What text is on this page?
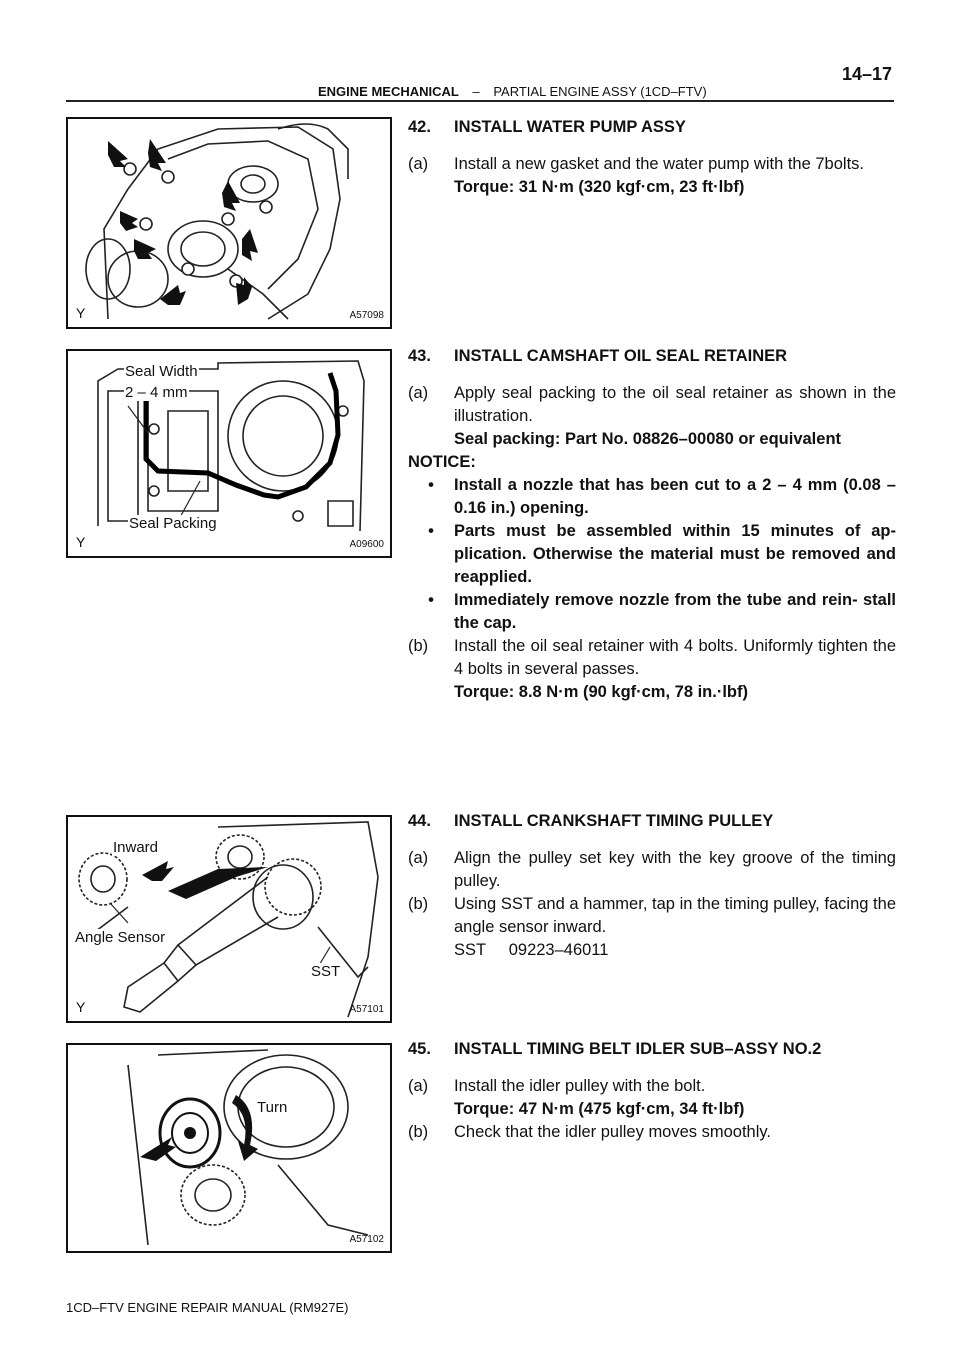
14–17
ENGINE MECHANICAL – PARTIAL ENGINE ASSY (1CD–FTV)
Y	A57098
Seal Width
2 – 4 mm
Seal Packing
Y	A09600
Inward
Angle Sensor
SST
Y	A57101
Turn
A57102
42.	INSTALL WATER PUMP ASSY
(a)	Install a new gasket and the water pump with the 7bolts.
Torque: 31 N·m (320 kgf·cm, 23 ft·lbf)
43.	INSTALL CAMSHAFT OIL SEAL RETAINER
(a)	Apply seal packing to the oil seal retainer as shown in the illustration.
Seal packing: Part No. 08826–00080 or equivalent
NOTICE:
•	Install a nozzle that has been cut to a 2 – 4 mm (0.08 – 0.16 in.) opening.
•	Parts must be assembled within 15 minutes of ap- plication. Otherwise the material must be removed and reapplied.
•	Immediately remove nozzle from the tube and rein- stall the cap.
(b)	Install the oil seal retainer with 4 bolts. Uniformly tighten the 4 bolts in several passes.
Torque: 8.8 N·m (90 kgf·cm, 78 in.·lbf)
44.	INSTALL CRANKSHAFT TIMING PULLEY
(a)	Align the pulley set key with the key groove of the timing pulley.
(b)	Using SST and a hammer, tap in the timing pulley, facing the angle sensor inward.
SST     09223–46011
45.	INSTALL TIMING BELT IDLER SUB–ASSY NO.2
(a)	Install the idler pulley with the bolt.
Torque: 47 N·m (475 kgf·cm, 34 ft·lbf)
(b)	Check that the idler pulley moves smoothly.
1CD–FTV ENGINE REPAIR MANUAL (RM927E)
